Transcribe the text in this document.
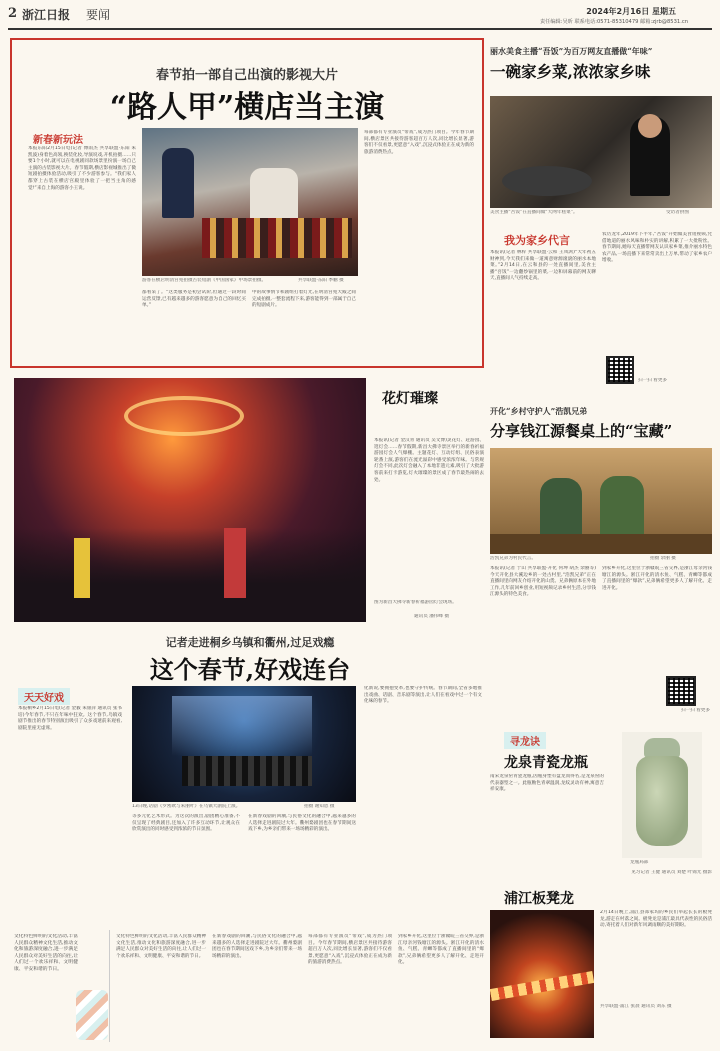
2 浙江日报 要闻	2024年2月16日 星期五
责任编辑:吴昕 联系电话:0571-85310479 邮箱:zjrb@8531.cn
春节拍一部自己出演的影视大片
“路人甲”横店当主演
新春新玩法
本报东阳2月15日电(记者 傅雨杰 共享联盟·东阳 朱凯波)身着色高领,换装化妆,导演说戏,开机拍摄……只要1个小时,就可以在电视剧同款场景里扮演一场自己主演的古装影视大片。春节假期,横店影视城推出了微短剧拍摄体验活动,吸引了不少游客参与。“我们家人都穿上古装在横店宫殿里体验了一把当主角的感觉!”来自上海的游客小王说。
游客在横店明清宫苑拍摄古装短剧《中国国家》中场景拍摄。	共享联盟·东阳 季鹏 摄
都看呆了。“这类服务是初尝试阶,但通过一段时间运营反馈,已有越来越多的游客愿意为自己的回忆买单。”
中的故事情节和剧组打着灯光,在明清宫苑大殿之间完成拍摄,一整套流程下来,游客能得到一部属于自己的短剧成片。
每部都有专业演员“带戏”,成为热门项目。今年春节期间,横店景区共接待游客超百万人次,同比增长显著,游客们不仅看景,更愿意“入戏”,沉浸式体验正在成为新的旅游消费热点。
丽水美食主播“吾饭”为百万网友直播做“年味”
一碗家乡菜,浓浓家乡味
美食主播“吾饭”在直播间做“大网年糕菜”。	受访者供图
我为家乡代言
本报讯(记者 林梓 共享联盟·云和 王凤鸿)“大年初五财神到,今天我们来做一道寓意财源滚滚的丽水本地菜。”2月14日,在云和县的一处直播间里,美食主播“吾饭”一边翻炒锅里的菜,一边和屏幕前的网友聊天,直播间人气持续走高。
农历龙年,2019年下半年,“吾饭”开始做美食短视频,凭借地道的丽水风味和朴实的讲解,积累了一大批粉丝。春节期间,她每天直播带网友认识家乡菜,推介丽水特色农产品,一场直播下来常常卖出上万单,带动了家乡农户增收。
扫一扫 看更多
花灯璀璨
本报讯(记者 金汉青 通讯员 吴文博)灵花灯、赶游园、逛灯会……春节假期,新昌大佛寺景区举行的新春祈福游园灯会人气爆棚。主题花灯、互动灯组、民俗表演轮番上演,游客们在流光溢彩中感受浓浓年味。与常规灯会不同,此次灯会融入了本地非遗元素,吸引了大批游客前来打卡游览,灯火璀璨的景区成了春节最热闹的去处。
图为新昌大佛寺新春祈福游园灯会现场。
通讯员 潘伟峰 摄
开化“乡村守护人”浩凯兄弟
分享钱江源餐桌上的“宝藏”
浩凯兄弟为村民代言。	拍摄 余丽 摄
本报讯(记者 于山 共享联盟·开化 何坤 胡杰 余丽等)今天开化县大溪边乡的一处古村里,“浩凯兄弟”正在直播间里向网友介绍开化的山货。兄弟俩原本在外地工作,几年前回乡创业,用短视频记录乡村生活,分享钱江源头的特色美食。
到家乡开化,这里位于浙赣皖三省交界,是浙江母亲河钱塘江的源头。浙江开化的清水鱼、气糕、青蛳等都成了直播间里的“爆款”,兄弟俩希望更多人了解开化、走进开化。
扫一扫 看更多
记者走进桐乡乌镇和衢州,过足戏瘾
这个春节,好戏连台
天天好戏
本报桐乡2月15日电(记者 金毅 朱银萍 通讯员 张书培)今年春节,不只在年味中狂欢。这个春节,乌镇戏剧节推出的春节特别演出吸引了众多戏迷前来观看,剧院里座无虚席。
13日晚,话剧《罗密欧与朱丽叶》在乌镇大剧院上演。	拍摄 谢知恩 摄
等多元化艺术形式。为这次的演出,剧团精心准备,不仅呈现了经典剧目,还加入了许多互动环节,让观众在欣赏演出的同时感受到浓浓的节日氛围。
在新春戏剧的回潮,与民俗文化的融合中,越来越多的人选择走进剧院过大年。衢州婺剧团也在春节期间送戏下乡,为乡亲们带来一场场精彩的演出。
化新说,要拥抱变革,也要守护传统。春节期间,全省多地推出戏曲、话剧、音乐剧等演出,让人们在看戏中过一个有文化味的春节。
寻龙诀
龙泉青瓷龙瓶
南宋龙泉窑青瓷龙瓶,因瓶身塑有盘龙而得名,是龙泉窑的代表器型之一。此瓶釉色青翠温润,龙纹灵动有神,寓意吉祥安康。
龙瓶局部
见习记者 王健 通讯员 刘楚 叶锦光 摄影
浦江板凳龙
2月14日晚上,浦江县郑家坞的乡民们举起长长的板凳龙,游走在村落之间。板凳龙是浦江最具代表性的民俗活动,寄托着人们对新年风调雨顺的美好期盼。
共享联盟·浦江 张晨 通讯员 刘东 摄
文化特色鲜明的文化活动,丰富人民群众精神文化生活,推动文化和旅游深度融合,进一步满足人民群众对美好生活的向往,让人们过一个欢乐祥和、文明健康、平安和谐的节日。
文化特色鲜明的文化活动,丰富人民群众精神文化生活,推动文化和旅游深度融合,进一步满足人民群众对美好生活的向往,让人们过一个欢乐祥和、文明健康、平安和谐的节日。
在新春戏剧的回潮,与民俗文化的融合中,越来越多的人选择走进剧院过大年。衢州婺剧团也在春节期间送戏下乡,为乡亲们带来一场场精彩的演出。
每部都有专业演员“带戏”,成为热门项目。今年春节期间,横店景区共接待游客超百万人次,同比增长显著,游客们不仅看景,更愿意“入戏”,沉浸式体验正在成为新的旅游消费热点。
到家乡开化,这里位于浙赣皖三省交界,是浙江母亲河钱塘江的源头。浙江开化的清水鱼、气糕、青蛳等都成了直播间里的“爆款”,兄弟俩希望更多人了解开化、走进开化。
